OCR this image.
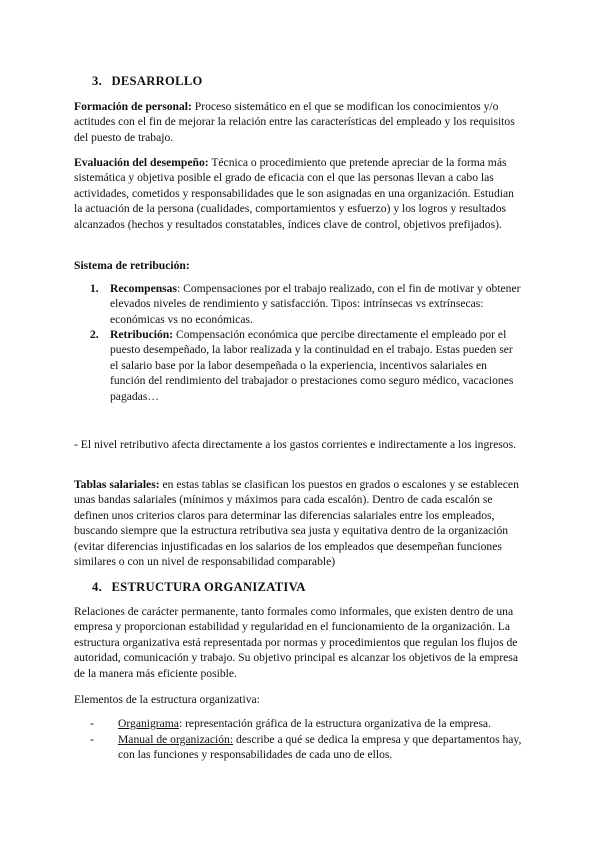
3. DESARROLLO
Formación de personal: Proceso sistemático en el que se modifican los conocimientos y/o actitudes con el fin de mejorar la relación entre las características del empleado y los requisitos del puesto de trabajo.
Evaluación del desempeño: Técnica o procedimiento que pretende apreciar de la forma más sistemática y objetiva posible el grado de eficacia con el que las personas llevan a cabo las actividades, cometidos y responsabilidades que le son asignadas en una organización. Estudian la actuación de la persona (cualidades, comportamientos y esfuerzo) y los logros y resultados alcanzados (hechos y resultados constatables, índices clave de control, objetivos prefijados).
Sistema de retribución:
1. Recompensas: Compensaciones por el trabajo realizado, con el fin de motivar y obtener elevados niveles de rendimiento y satisfacción. Tipos: intrínsecas vs extrínsecas: económicas vs no económicas.
2. Retribución: Compensación económica que percibe directamente el empleado por el puesto desempeñado, la labor realizada y la continuidad en el trabajo. Estas pueden ser el salario base por la labor desempeñada o la experiencia, incentivos salariales en función del rendimiento del trabajador o prestaciones como seguro médico, vacaciones pagadas…
- El nivel retributivo afecta directamente a los gastos corrientes e indirectamente a los ingresos.
Tablas salariales: en estas tablas se clasifican los puestos en grados o escalones y se establecen unas bandas salariales (mínimos y máximos para cada escalón). Dentro de cada escalón se definen unos criterios claros para determinar las diferencias salariales entre los empleados, buscando siempre que la estructura retributiva sea justa y equitativa dentro de la organización (evitar diferencias injustificadas en los salarios de los empleados que desempeñan funciones similares o con un nivel de responsabilidad comparable)
4. ESTRUCTURA ORGANIZATIVA
Relaciones de carácter permanente, tanto formales como informales, que existen dentro de una empresa y proporcionan estabilidad y regularidad en el funcionamiento de la organización. La estructura organizativa está representada por normas y procedimientos que regulan los flujos de autoridad, comunicación y trabajo. Su objetivo principal es alcanzar los objetivos de la empresa de la manera más eficiente posible.
Elementos de la estructura organizativa:
- Organigrama: representación gráfica de la estructura organizativa de la empresa.
- Manual de organización: describe a qué se dedica la empresa y que departamentos hay, con las funciones y responsabilidades de cada uno de ellos.
